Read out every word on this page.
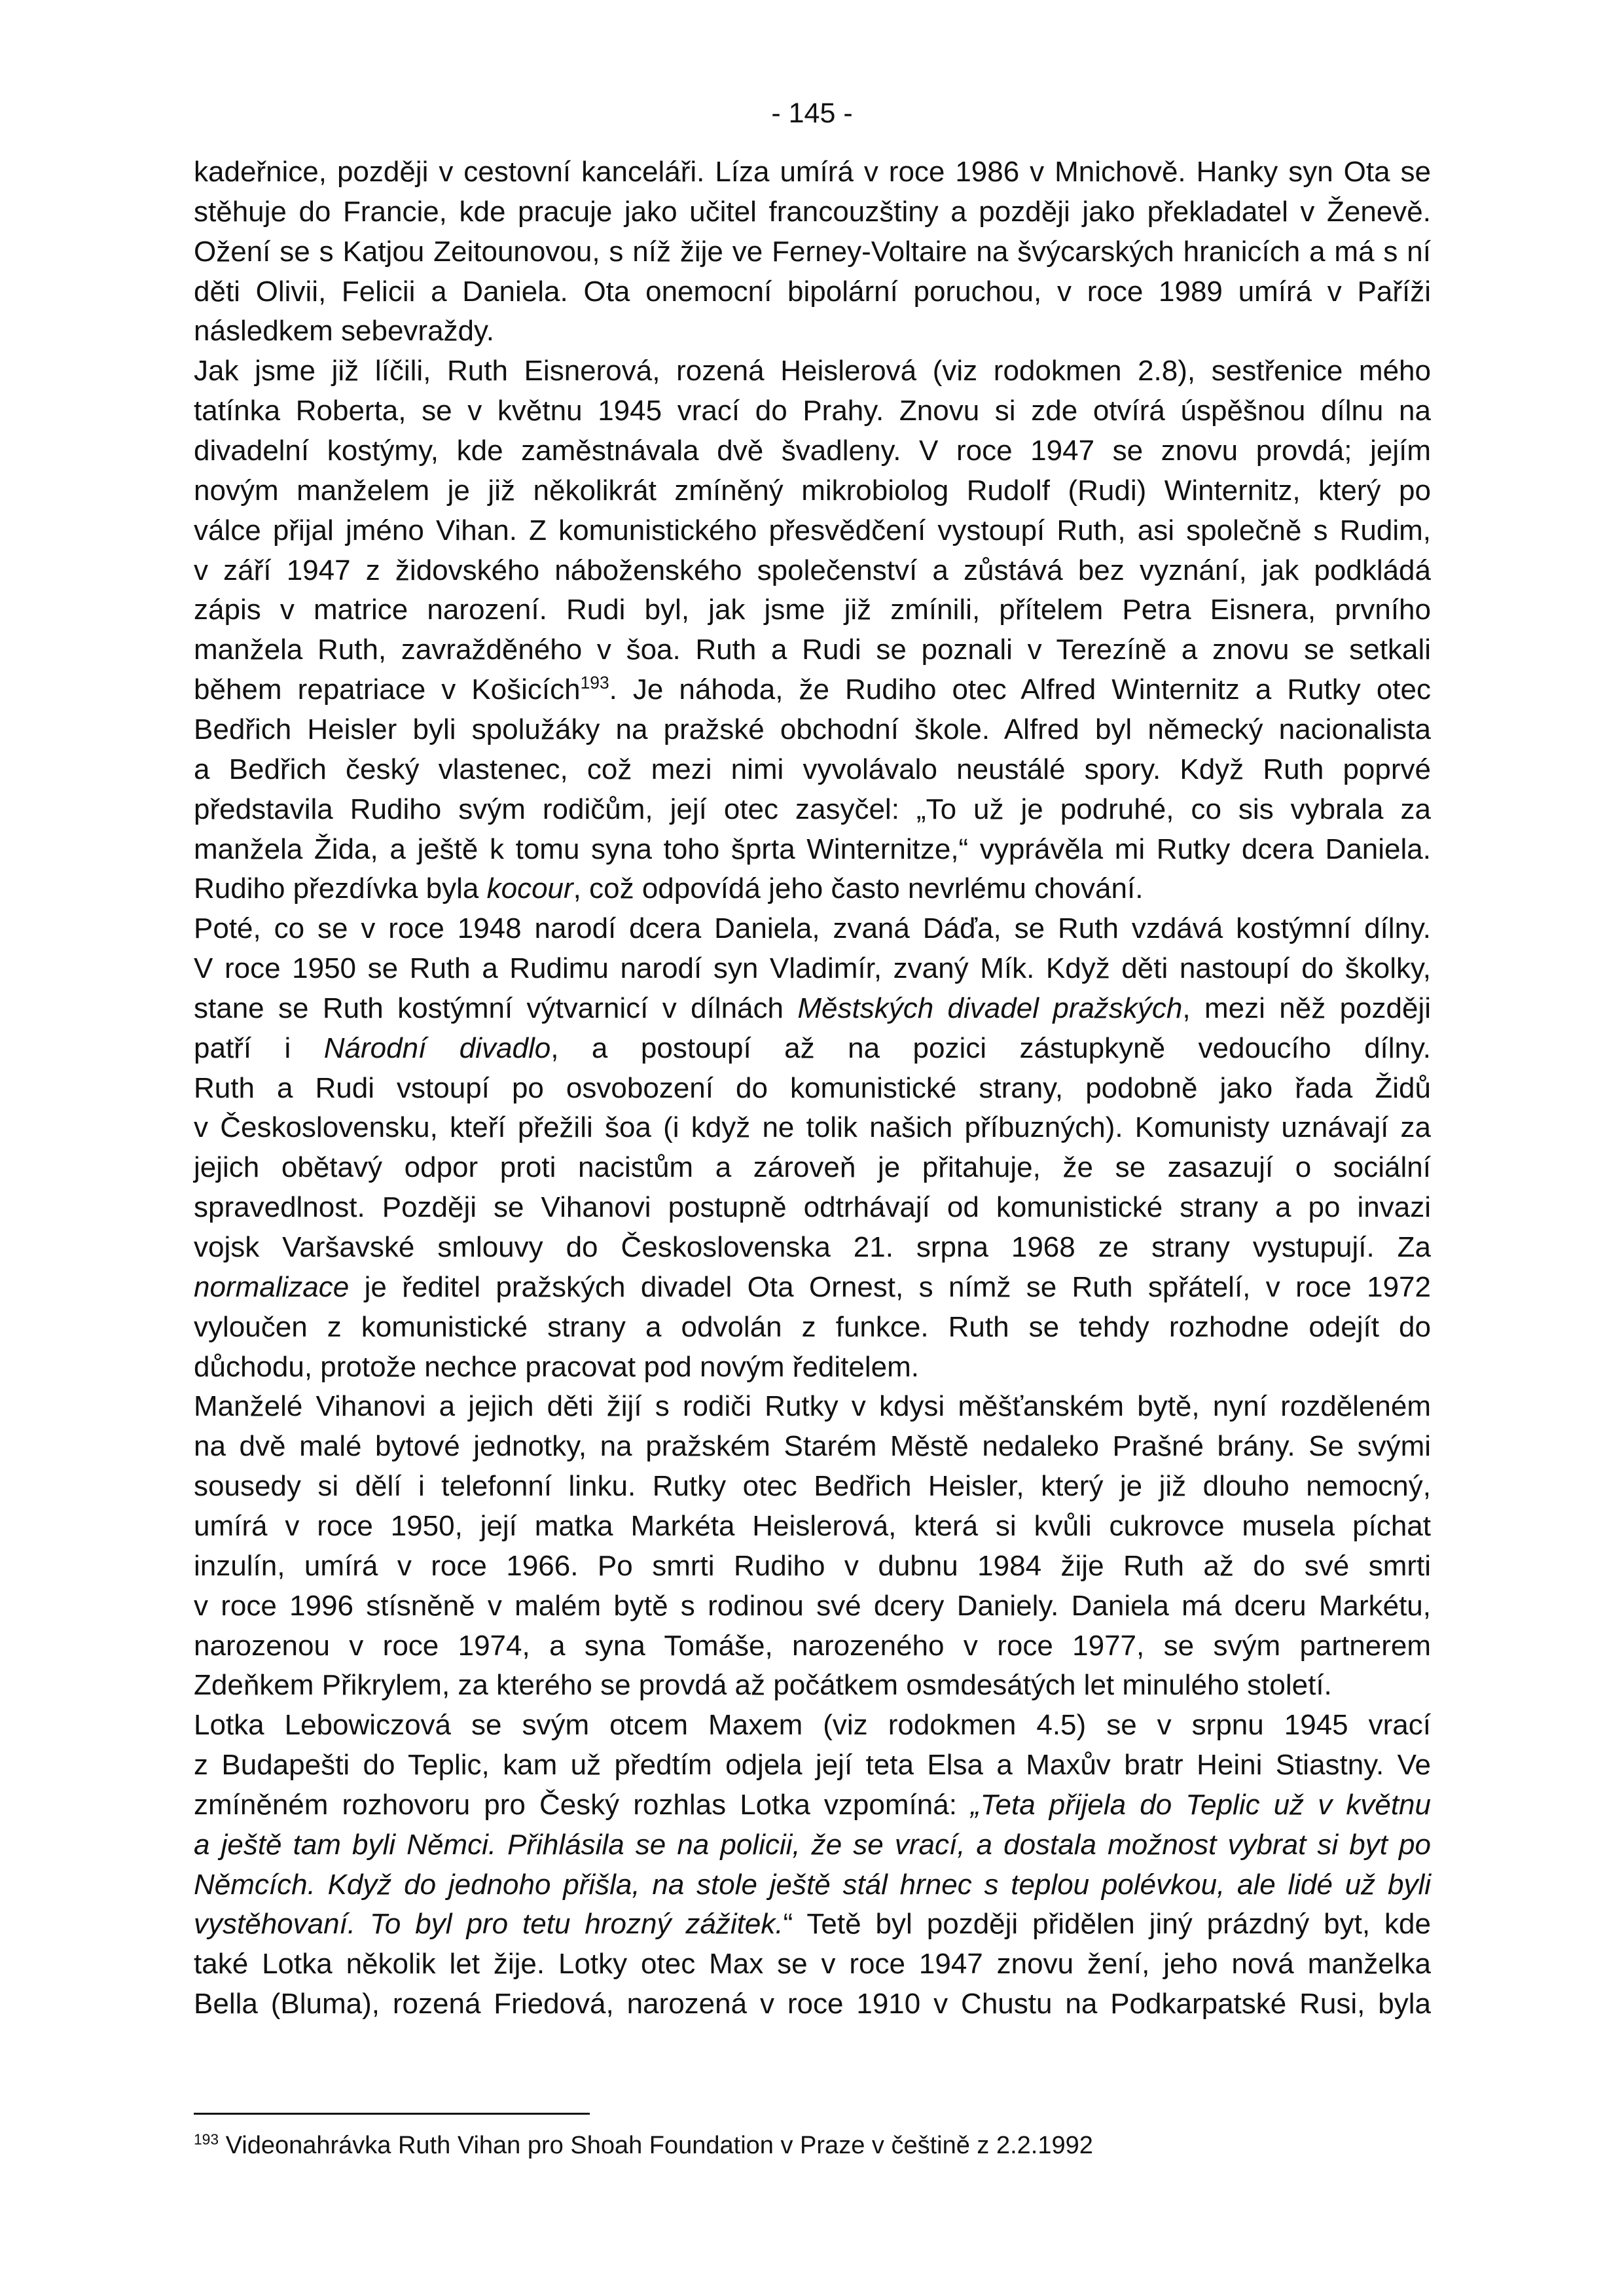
- 145 -
kadeřnice, později v cestovní kanceláři. Líza umírá v roce 1986 v Mnichově. Hanky syn Ota se
stěhuje do Francie, kde pracuje jako učitel francouzštiny a později jako překladatel v Ženevě.
Ožení se s Katjou Zeitounovou, s níž žije ve Ferney-Voltaire na švýcarských hranicích a má s ní
děti Olivii, Felicii a Daniela. Ota onemocní bipolární poruchou, v roce 1989 umírá v Paříži
následkem sebevraždy.
Jak jsme již líčili, Ruth Eisnerová, rozená Heislerová (viz rodokmen 2.8), sestřenice mého
tatínka Roberta, se v květnu 1945 vrací do Prahy. Znovu si zde otvírá úspěšnou dílnu na
divadelní kostýmy, kde zaměstnávala dvě švadleny. V roce 1947 se znovu provdá; jejím
novým manželem je již několikrát zmíněný mikrobiolog Rudolf (Rudi) Winternitz, který po
válce přijal jméno Vihan. Z komunistického přesvědčení vystoupí Ruth, asi společně s Rudim,
v září 1947 z židovského náboženského společenství a zůstává bez vyznání, jak podkládá
zápis v matrice narození. Rudi byl, jak jsme již zmínili, přítelem Petra Eisnera, prvního
manžela Ruth, zavražděného v šoa. Ruth a Rudi se poznali v Terezíně a znovu se setkali
během repatriace v Košicích$^{193}$. Je náhoda, že Rudiho otec Alfred Winternitz a Rutky otec
Bedřich Heisler byli spolužáky na pražské obchodní škole. Alfred byl německý nacionalista
a Bedřich český vlastenec, což mezi nimi vyvolávalo neustálé spory. Když Ruth poprvé
představila Rudiho svým rodičům, její otec zasyčel: „To už je podruhé, co sis vybrala za
manžela Žida, a ještě k tomu syna toho šprta Winternitze,“ vyprávěla mi Rutky dcera Daniela.
Rudiho přezdívka byla kocour, což odpovídá jeho často nevrlému chování.
Poté, co se v roce 1948 narodí dcera Daniela, zvaná Dáďa, se Ruth vzdává kostýmní dílny.
V roce 1950 se Ruth a Rudimu narodí syn Vladimír, zvaný Mík. Když děti nastoupí do školky,
stane se Ruth kostýmní výtvarnicí v dílnách Městských divadel pražských, mezi něž později
patří i Národní divadlo, a postoupí až na pozici zástupkyně vedoucího dílny.
Ruth a Rudi vstoupí po osvobození do komunistické strany, podobně jako řada Židů
v Československu, kteří přežili šoa (i když ne tolik našich příbuzných). Komunisty uznávají za
jejich obětavý odpor proti nacistům a zároveň je přitahuje, že se zasazují o sociální
spravedlnost. Později se Vihanovi postupně odtrhávají od komunistické strany a po invazi
vojsk Varšavské smlouvy do Československa 21. srpna 1968 ze strany vystupují. Za
normalizace je ředitel pražských divadel Ota Ornest, s nímž se Ruth spřátelí, v roce 1972
vyloučen z komunistické strany a odvolán z funkce. Ruth se tehdy rozhodne odejít do
důchodu, protože nechce pracovat pod novým ředitelem.
Manželé Vihanovi a jejich děti žijí s rodiči Rutky v kdysi měšťanském bytě, nyní rozděleném
na dvě malé bytové jednotky, na pražském Starém Městě nedaleko Prašné brány. Se svými
sousedy si dělí i telefonní linku. Rutky otec Bedřich Heisler, který je již dlouho nemocný,
umírá v roce 1950, její matka Markéta Heislerová, která si kvůli cukrovce musela píchat
inzulín, umírá v roce 1966. Po smrti Rudiho v dubnu 1984 žije Ruth až do své smrti
v roce 1996 stísněně v malém bytě s rodinou své dcery Daniely. Daniela má dceru Markétu,
narozenou v roce 1974, a syna Tomáše, narozeného v roce 1977, se svým partnerem
Zdeňkem Přikrylem, za kterého se provdá až počátkem osmdesátých let minulého století.
Lotka Lebowiczová se svým otcem Maxem (viz rodokmen 4.5) se v srpnu 1945 vrací
z Budapešti do Teplic, kam už předtím odjela její teta Elsa a Maxův bratr Heini Stiastny. Ve
zmíněném rozhovoru pro Český rozhlas Lotka vzpomíná: „Teta přijela do Teplic už v květnu
a ještě tam byli Němci. Přihlásila se na policii, že se vrací, a dostala možnost vybrat si byt po
Němcích. Když do jednoho přišla, na stole ještě stál hrnec s teplou polévkou, ale lidé už byli
vystěhovaní. To byl pro tetu hrozný zážitek.“ Tetě byl později přidělen jiný prázdný byt, kde
také Lotka několik let žije. Lotky otec Max se v roce 1947 znovu žení, jeho nová manželka
Bella (Bluma), rozená Friedová, narozená v roce 1910 v Chustu na Podkarpatské Rusi, byla
$^{193}$ Videonahrávka Ruth Vihan pro Shoah Foundation v Praze v češtině z 2.2.1992
